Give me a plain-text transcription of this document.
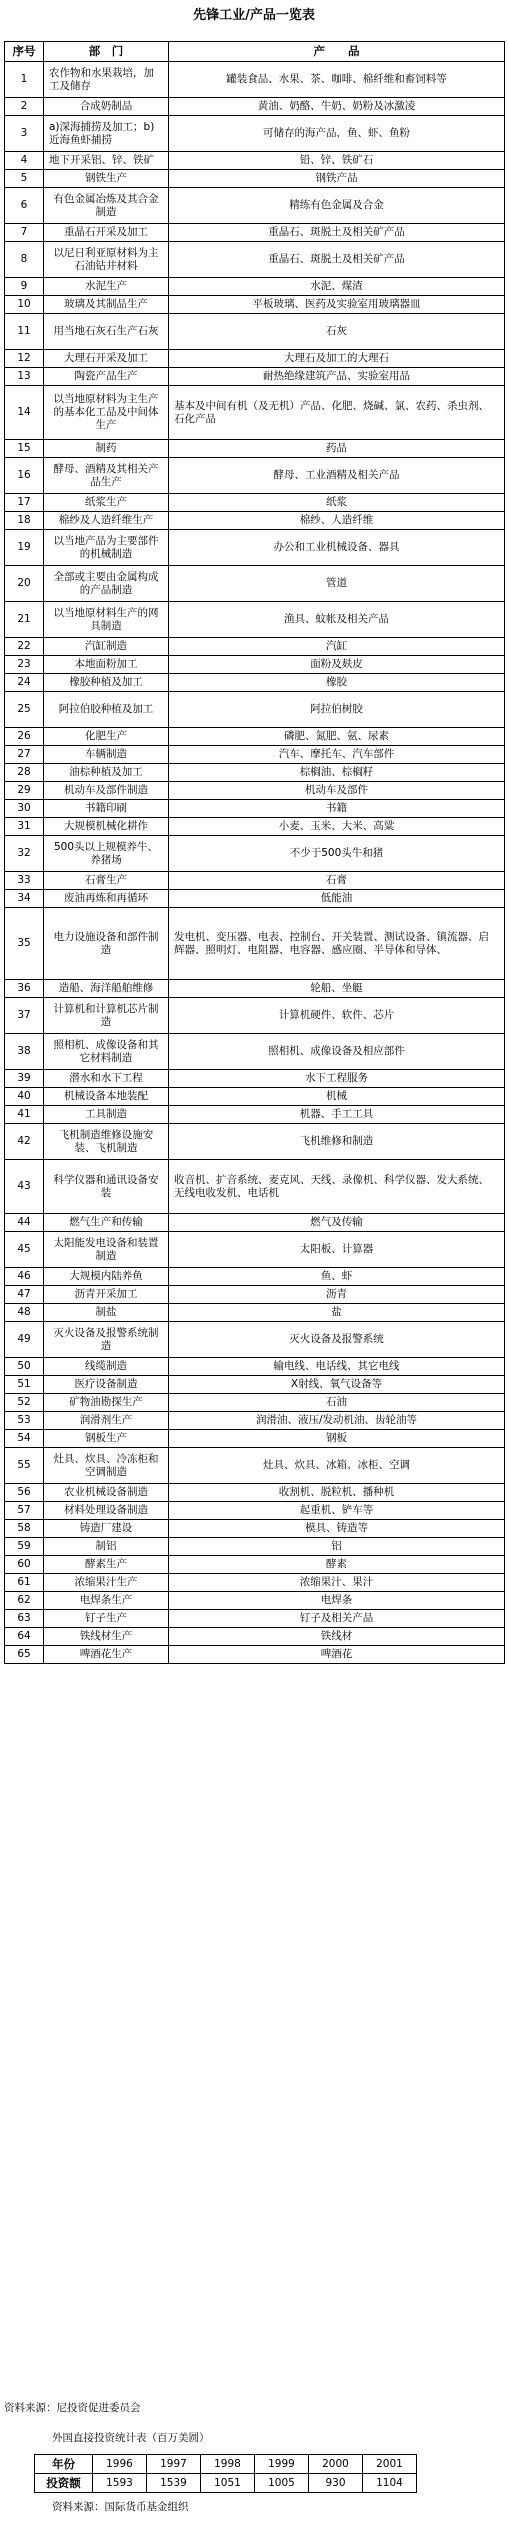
先锋工业/产品一览表
序号	部　门	产　　品
1	农作物和水果栽培，加工及储存	罐装食品、水果、茶、咖啡、棉纤维和畜饲料等
2	合成奶制品	黄油、奶酪、牛奶、奶粉及冰激凌
3	a)深海捕捞及加工；b)近海鱼虾捕捞	可储存的海产品，鱼、虾、鱼粉
4	地下开采铝、锌、铁矿	铅、锌、铁矿石
5	钢铁生产	钢铁产品
6	有色金属冶炼及其合金制造	精练有色金属及合金
7	重晶石开采及加工	重晶石、斑脱土及相关矿产品
8	以尼日利亚原材料为主石油钻井材料	重晶石、斑脱土及相关矿产品
9	水泥生产	水泥、煤渣
10	玻璃及其制品生产	平板玻璃、医药及实验室用玻璃器皿
11	用当地石灰石生产石灰	石灰
12	大理石开采及加工	大理石及加工的大理石
13	陶瓷产品生产	耐热绝缘建筑产品、实验室用品
14	以当地原材料为主生产的基本化工品及中间体生产	基本及中间有机（及无机）产品、化肥、烧碱、氯、农药、杀虫剂、石化产品
15	制药	药品
16	酵母、酒精及其相关产品生产	酵母、工业酒精及相关产品
17	纸浆生产	纸浆
18	棉纱及人造纤维生产	棉纱、人造纤维
19	以当地产品为主要部件的机械制造	办公和工业机械设备、器具
20	全部或主要由金属构成的产品制造	管道
21	以当地原材料生产的网具制造	渔具、蚊帐及相关产品
22	汽缸制造	汽缸
23	本地面粉加工	面粉及麸皮
24	橡胶种植及加工	橡胶
25	阿拉伯胶种植及加工	阿拉伯树胶
26	化肥生产	磷肥、氮肥、氨、尿素
27	车辆制造	汽车、摩托车、汽车部件
28	油棕种植及加工	棕榈油、棕榈籽
29	机动车及部件制造	机动车及部件
30	书籍印刷	书籍
31	大规模机械化耕作	小麦、玉米、大米、高粱
32	500头以上规模养牛、养猪场	不少于500头牛和猪
33	石膏生产	石膏
34	废油再炼和再循环	低能油
35	电力设施设备和部件制造	发电机、变压器、电表、控制台、开关装置、测试设备、镇流器、启辉器、照明灯、电阻器、电容器、感应圈、半导体和导体、
36	造船、海洋船舶维修	轮船、坐艇
37	计算机和计算机芯片制造	计算机硬件、软件、芯片
38	照相机、成像设备和其它材料制造	照相机、成像设备及相应部件
39	潜水和水下工程	水下工程服务
40	机械设备本地装配	机械
41	工具制造	机器、手工工具
42	飞机制造维修设施安装、飞机制造	飞机维修和制造
43	科学仪器和通讯设备安装	收音机、扩音系统、麦克风、天线、录像机、科学仪器、发大系统、无线电收发机、电话机
44	燃气生产和传输	燃气及传输
45	太阳能发电设备和装置制造	太阳板、计算器
46	大规模内陆养鱼	鱼、虾
47	沥青开采加工	沥青
48	制盐	盐
49	灭火设备及报警系统制造	灭火设备及报警系统
50	线缆制造	输电线、电话线、其它电线
51	医疗设备制造	X射线、氧气设备等
52	矿物油勘探生产	石油
53	润滑剂生产	润滑油、液压/发动机油、齿轮油等
54	钢板生产	钢板
55	灶具、炊具、冷冻柜和空调制造	灶具、炊具、冰箱、冰柜、空调
56	农业机械设备制造	收割机、脱粒机、播种机
57	材料处理设备制造	起重机、铲车等
58	铸造厂建设	模具、铸造等
59	制铝	铝
60	酵素生产	酵素
61	浓缩果汁生产	浓缩果汁、果汁
62	电焊条生产	电焊条
63	钉子生产	钉子及相关产品
64	铁线材生产	铁线材
65	啤酒花生产	啤酒花
资料来源：尼投资促进委员会
外国直接投资统计表（百万美圆）
年份	1996	1997	1998	1999	2000	2001
投资额	1593	1539	1051	1005	930	1104
资料来源：国际货币基金组织
